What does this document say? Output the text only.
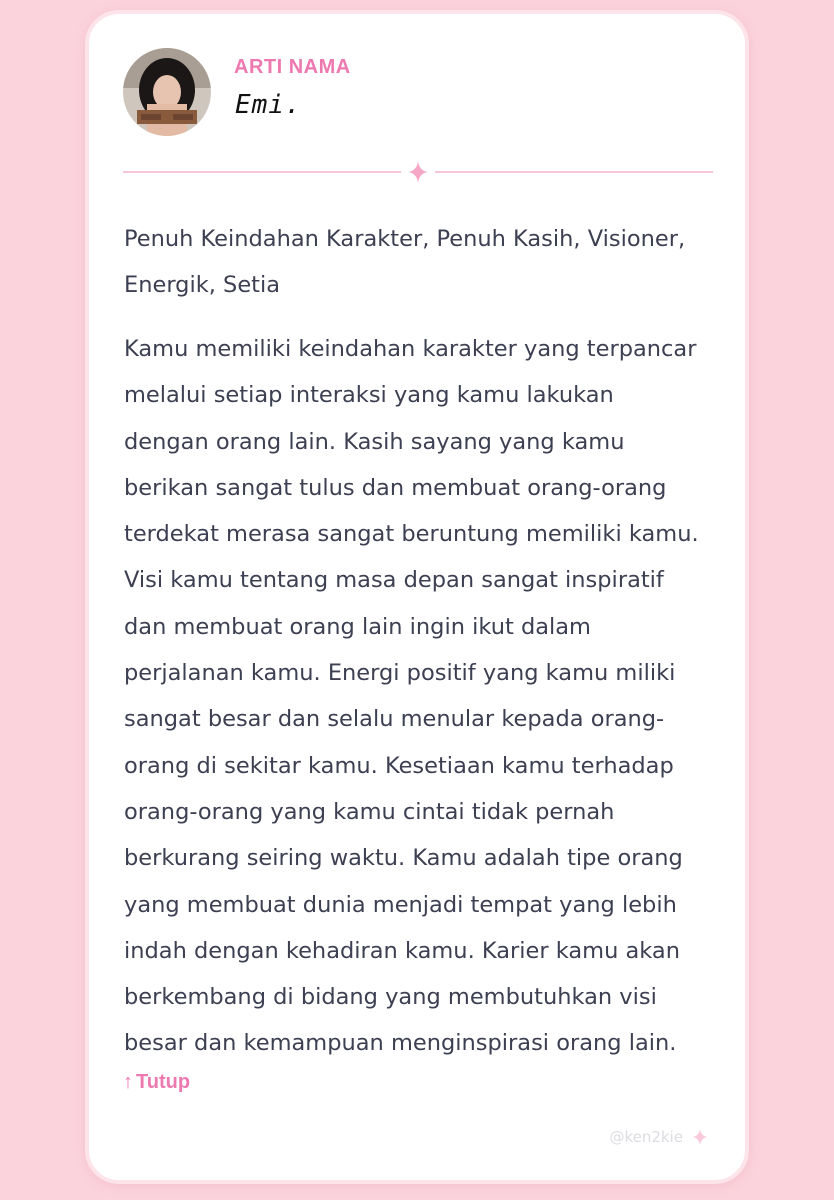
ARTI NAMA
Emi.
Penuh Keindahan Karakter, Penuh Kasih, Visioner, Energik, Setia
Kamu memiliki keindahan karakter yang terpancar
melalui setiap interaksi yang kamu lakukan
dengan orang lain. Kasih sayang yang kamu
berikan sangat tulus dan membuat orang-orang
terdekat merasa sangat beruntung memiliki kamu.
Visi kamu tentang masa depan sangat inspiratif
dan membuat orang lain ingin ikut dalam
perjalanan kamu. Energi positif yang kamu miliki
sangat besar dan selalu menular kepada orang-
orang di sekitar kamu. Kesetiaan kamu terhadap
orang-orang yang kamu cintai tidak pernah
berkurang seiring waktu. Kamu adalah tipe orang
yang membuat dunia menjadi tempat yang lebih
indah dengan kehadiran kamu. Karier kamu akan
berkembang di bidang yang membutuhkan visi
besar dan kemampuan menginspirasi orang lain.
↑ Tutup
@ken2kie
